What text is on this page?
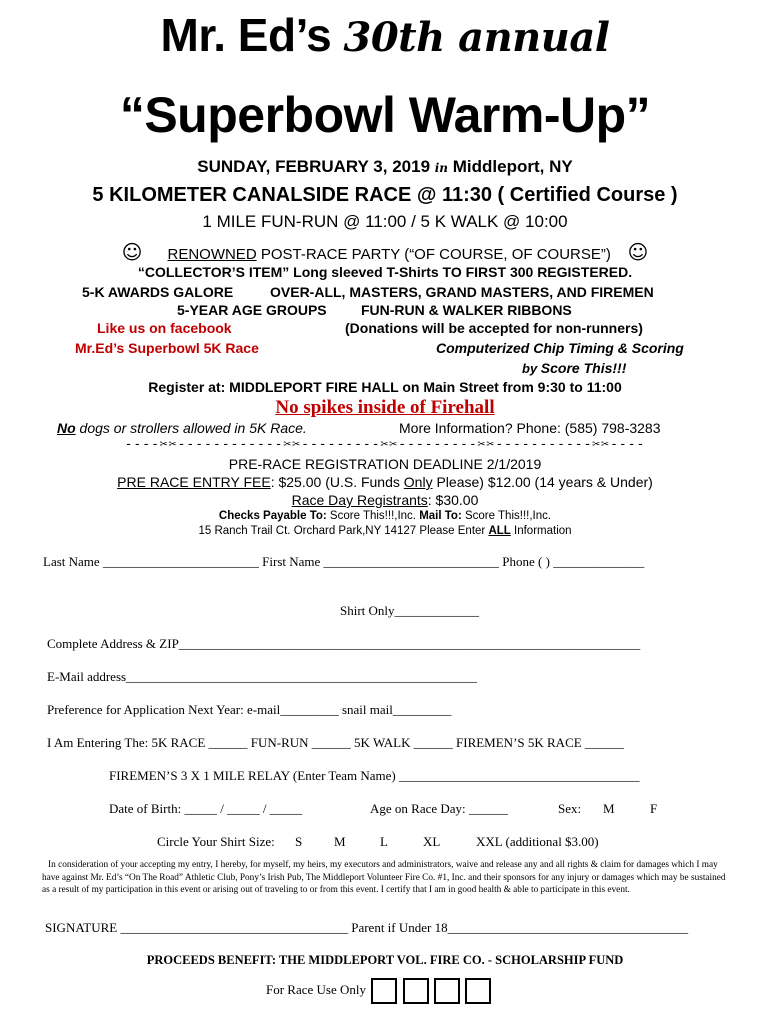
Mr. Ed’s 30th annual
“Superbowl Warm-Up”
SUNDAY, FEBRUARY 3, 2019 in Middleport, NY
5 KILOMETER CANALSIDE RACE @ 11:30 ( Certified Course )
1 MILE FUN-RUN @ 11:00 / 5 K WALK @ 10:00
☺ RENOWNED POST-RACE PARTY (“OF COURSE, OF COURSE”) ☺
“COLLECTOR’S ITEM” Long sleeved T-Shirts TO FIRST 300 REGISTERED.
5-K AWARDS GALORE	OVER-ALL, MASTERS, GRAND MASTERS, AND FIREMEN
5-YEAR AGE GROUPS FUN-RUN & WALKER RIBBONS
Like us on facebook	(Donations will be accepted for non-runners)
Mr.Ed’s Superbowl 5K Race	Computerized Chip Timing & Scoring
by Score This!!!
Register at: MIDDLEPORT FIRE HALL on Main Street from 9:30 to 11:00
No spikes inside of Firehall
No dogs or strollers allowed in 5K Race.	More Information? Phone: (585) 798-3283
----✂✂------------✂✂---------✂✂---------✂✂-----------✂✂----
PRE-RACE REGISTRATION DEADLINE 2/1/2019
PRE RACE ENTRY FEE: $25.00 (U.S. Funds Only Please) $12.00 (14 years & Under)
Race Day Registrants: $30.00
Checks Payable To: Score This!!!,Inc. Mail To: Score This!!!,Inc.
15 Ranch Trail Ct. Orchard Park,NY 14127 Please Enter ALL Information
Last Name ________________________ First Name ___________________________ Phone ( ) ______________
Shirt Only_____________
Complete Address & ZIP_______________________________________________________________________
E-Mail address______________________________________________________
Preference for Application Next Year: e-mail_________ snail mail_________
I Am Entering The: 5K RACE ______ FUN-RUN ______ 5K WALK ______ FIREMEN’S 5K RACE ______
FIREMEN’S 3 X 1 MILE RELAY (Enter Team Name) _____________________________________
Date of Birth: _____ / _____ / _____	Age on Race Day: ______	Sex: M	F
Circle Your Shirt Size: S M	L	XL	XXL (additional $3.00)
In consideration of your accepting my entry, I hereby, for myself, my heirs, my executors and administrators, waive and release any and all rights & claim for damages which I may have against Mr. Ed’s “On The Road” Athletic Club, Pony’s Irish Pub, The Middleport Volunteer Fire Co. #1, Inc. and their sponsors for any injury or damages which may be sustained as a result of my participation in this event or arising out of traveling to or from this event. I certify that I am in good health & able to participate in this event.
SIGNATURE ___________________________________ Parent if Under 18_____________________________________
PROCEEDS BENEFIT: THE MIDDLEPORT VOL. FIRE CO. - SCHOLARSHIP FUND
For Race Use Only
